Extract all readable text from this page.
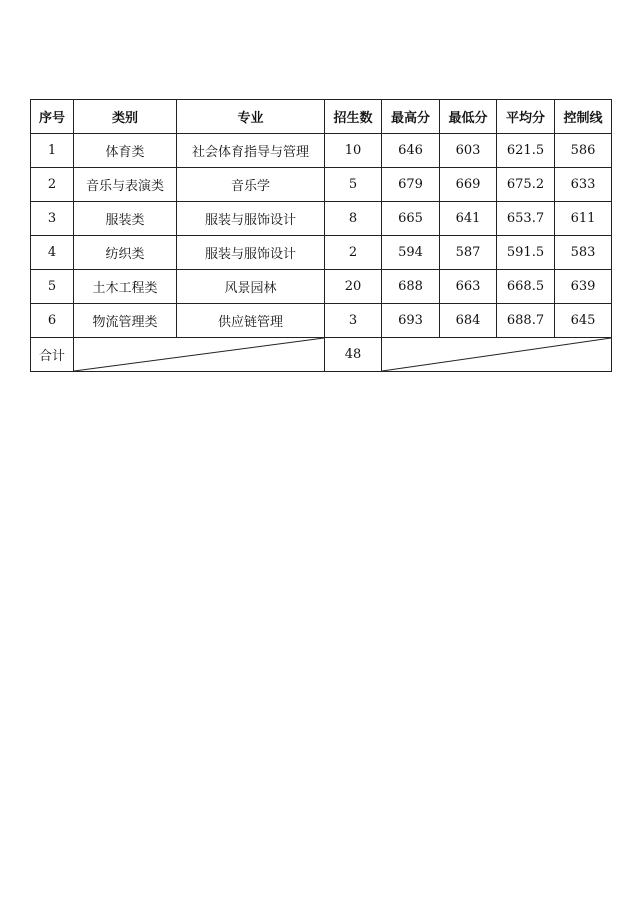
序号	类别	专业	招生数	最高分	最低分	平均分	控制线
1	体育类	社会体育指导与管理	10	646	603	621.5	586
2	音乐与表演类	音乐学	5	679	669	675.2	633
3	服装类	服装与服饰设计	8	665	641	653.7	611
4	纺织类	服装与服饰设计	2	594	587	591.5	583
5	土木工程类	风景园林	20	688	663	668.5	639
6	物流管理类	供应链管理	3	693	684	688.7	645
合计			48	
